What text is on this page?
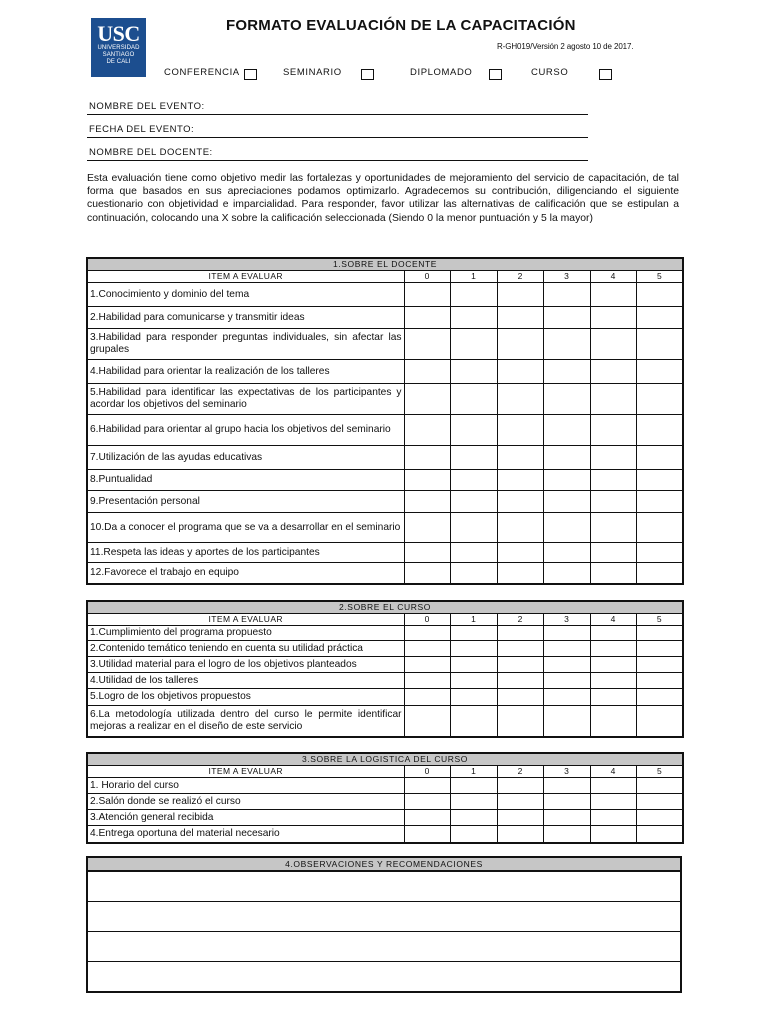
USC
UNIVERSIDAD
SANTIAGO
DE CALI
FORMATO EVALUACIÓN DE LA CAPACITACIÓN
R-GH019/Versión 2 agosto 10 de 2017.
CONFERENCIA	SEMINARIO	DIPLOMADO	CURSO
NOMBRE DEL EVENTO:
FECHA DEL EVENTO:
NOMBRE DEL DOCENTE:
Esta evaluación tiene como objetivo medir las fortalezas y oportunidades de mejoramiento del servicio de capacitación, de tal forma que basados en sus apreciaciones podamos optimizarlo. Agradecemos su contribución, diligenciando el siguiente cuestionario con objetividad e imparcialidad. Para responder, favor utilizar las alternativas de calificación que se estipulan a continuación, colocando una X sobre la calificación seleccionada (Siendo 0 la menor puntuación y 5 la mayor)
1.SOBRE EL DOCENTE						
ITEM A EVALUAR	0	1	2	3	4	5
1.Conocimiento y dominio del tema						
2.Habilidad para comunicarse y transmitir ideas						
3.Habilidad para responder preguntas individuales, sin afectar las grupales						
4.Habilidad para orientar la realización de los talleres						
5.Habilidad para identificar las expectativas de los participantes y acordar los objetivos del seminario						
6.Habilidad para orientar al grupo hacia los objetivos del seminario						
7.Utilización de las ayudas educativas						
8.Puntualidad						
9.Presentación personal						
10.Da a conocer el programa que se va a desarrollar en el seminario						
11.Respeta las ideas y aportes de los participantes						
12.Favorece el trabajo en equipo						
2.SOBRE EL CURSO						
ITEM A EVALUAR	0	1	2	3	4	5
1.Cumplimiento del programa propuesto						
2.Contenido temático teniendo en cuenta su utilidad práctica						
3.Utilidad material para el logro de los objetivos planteados						
4.Utilidad de los talleres						
5.Logro de los objetivos propuestos						
6.La metodología utilizada dentro del curso le permite identificar mejoras a realizar en el diseño de este servicio						
3.SOBRE LA LOGISTICA DEL CURSO						
ITEM A EVALUAR	0	1	2	3	4	5
1. Horario del curso						
2.Salón donde se realizó el curso						
3.Atención general recibida						
4.Entrega oportuna del material necesario						
4.OBSERVACIONES Y RECOMENDACIONES
